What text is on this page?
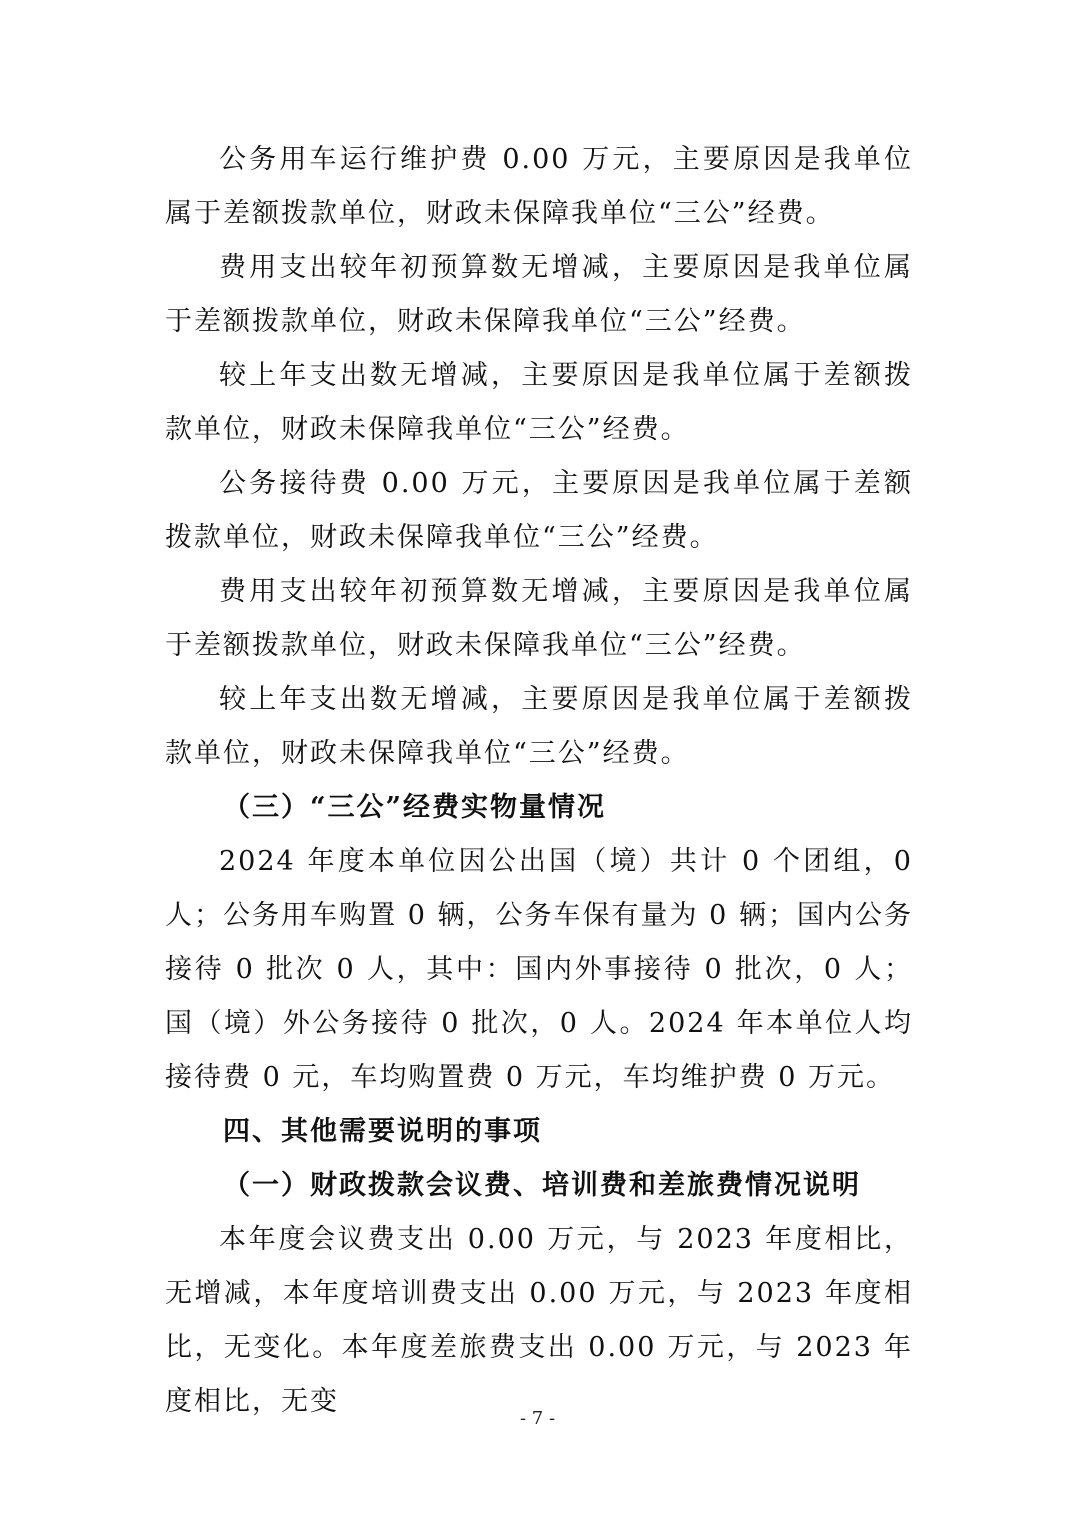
公务用车运行维护费 0.00 万元，主要原因是我单位属于差额拨款单位，财政未保障我单位“三公”经费。

费用支出较年初预算数无增减，主要原因是我单位属于差额拨款单位，财政未保障我单位“三公”经费。

较上年支出数无增减，主要原因是我单位属于差额拨款单位，财政未保障我单位“三公”经费。

公务接待费 0.00 万元，主要原因是我单位属于差额拨款单位，财政未保障我单位“三公”经费。

费用支出较年初预算数无增减，主要原因是我单位属于差额拨款单位，财政未保障我单位“三公”经费。

较上年支出数无增减，主要原因是我单位属于差额拨款单位，财政未保障我单位“三公”经费。

（三）“三公”经费实物量情况

2024 年度本单位因公出国（境）共计 0 个团组，0 人；公务用车购置 0 辆，公务车保有量为 0 辆；国内公务接待 0 批次 0 人，其中：国内外事接待 0 批次，0 人；国（境）外公务接待 0 批次，0 人。2024 年本单位人均接待费 0 元，车均购置费 0 万元，车均维护费 0 万元。

四、其他需要说明的事项

（一）财政拨款会议费、培训费和差旅费情况说明

本年度会议费支出 0.00 万元，与 2023 年度相比，无增减，本年度培训费支出 0.00 万元，与 2023 年度相比，无变化。本年度差旅费支出 0.00 万元，与 2023 年度相比，无变

- 7 -
